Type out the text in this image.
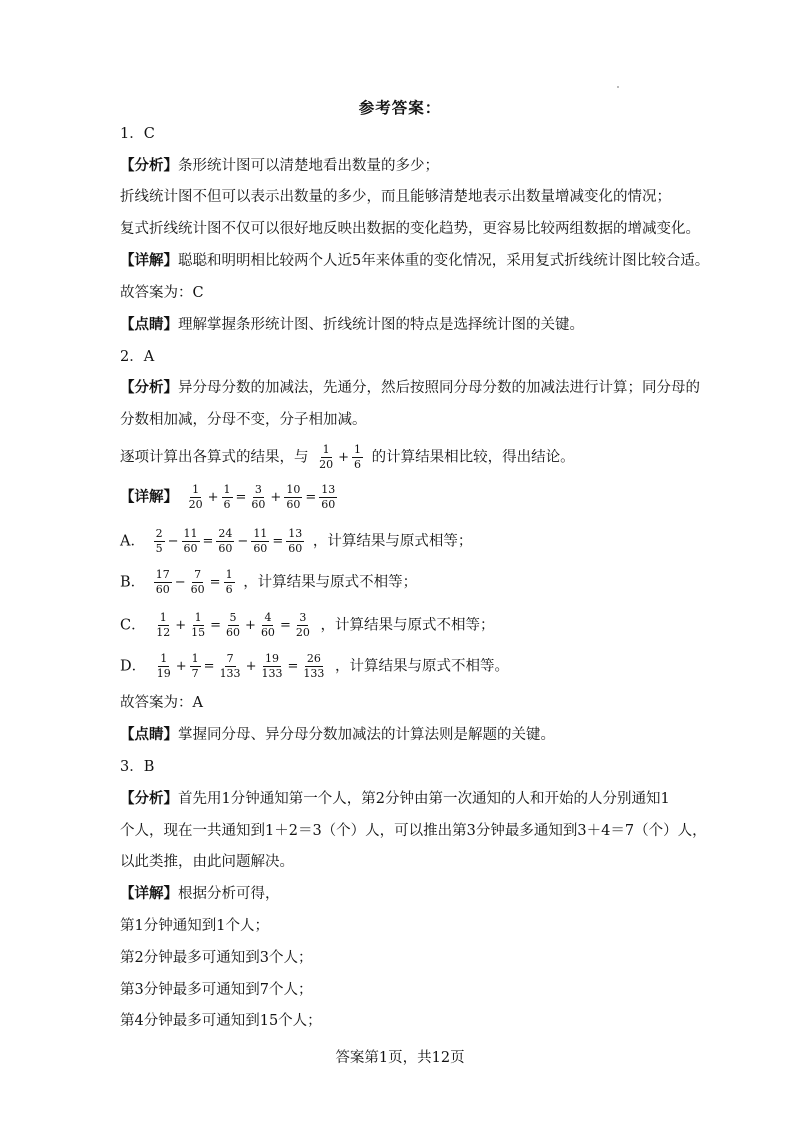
参考答案：
1．C
【分析】条形统计图可以清楚地看出数量的多少；
折线统计图不但可以表示出数量的多少，而且能够清楚地表示出数量增减变化的情况；
复式折线统计图不仅可以很好地反映出数据的变化趋势，更容易比较两组数据的增减变化。
【详解】聪聪和明明相比较两个人近5年来体重的变化情况，采用复式折线统计图比较合适。
故答案为：C
【点睛】理解掌握条形统计图、折线统计图的特点是选择统计图的关键。
2．A
【分析】异分母分数的加减法，先通分，然后按照同分母分数的加减法进行计算；同分母的
分数相加减，分母不变，分子相加减。
逐项计算出各算式的结果，与 $\frac{1}{20} + \frac{1}{6}$ 的计算结果相比较，得出结论。
【详解】 $\frac{1}{20} + \frac{1}{6} = \frac{3}{60} + \frac{10}{60} = \frac{13}{60}$
A． $\frac{2}{5} - \frac{11}{60} = \frac{24}{60} - \frac{11}{60} = \frac{13}{60}$ ，计算结果与原式相等；
B． $\frac{17}{60} - \frac{7}{60} = \frac{1}{6}$ ，计算结果与原式不相等；
C． $\frac{1}{12} + \frac{1}{15} = \frac{5}{60} + \frac{4}{60} = \frac{3}{20}$ ，计算结果与原式不相等；
D． $\frac{1}{19} + \frac{1}{7} = \frac{7}{133} + \frac{19}{133} = \frac{26}{133}$ ，计算结果与原式不相等。
故答案为：A
【点睛】掌握同分母、异分母分数加减法的计算法则是解题的关键。
3．B
【分析】首先用1分钟通知第一个人，第2分钟由第一次通知的人和开始的人分别通知1
个人，现在一共通知到1＋2＝3（个）人，可以推出第3分钟最多通知到3＋4＝7（个）人，
以此类推，由此问题解决。
【详解】根据分析可得，
第1分钟通知到1个人；
第2分钟最多可通知到3个人；
第3分钟最多可通知到7个人；
第4分钟最多可通知到15个人；
答案第1页，共12页
